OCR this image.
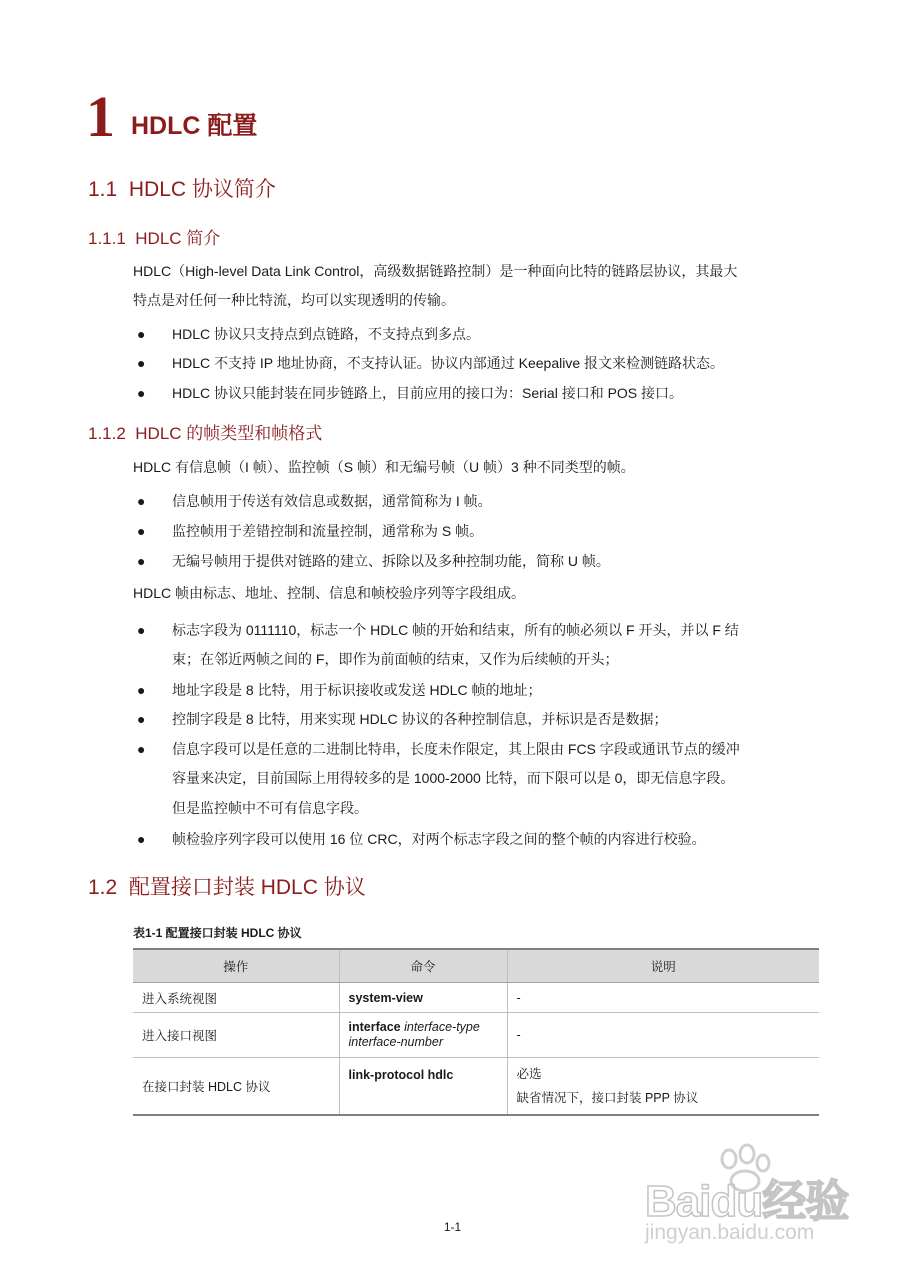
1 HDLC 配置
1.1 HDLC 协议简介
1.1.1 HDLC 简介
HDLC（High-level Data Link Control，高级数据链路控制）是一种面向比特的链路层协议，其最大
特点是对任何一种比特流，均可以实现透明的传输。
● HDLC 协议只支持点到点链路，不支持点到多点。
● HDLC 不支持 IP 地址协商，不支持认证。协议内部通过 Keepalive 报文来检测链路状态。
● HDLC 协议只能封装在同步链路上，目前应用的接口为：Serial 接口和 POS 接口。
1.1.2 HDLC 的帧类型和帧格式
HDLC 有信息帧（I 帧）、监控帧（S 帧）和无编号帧（U 帧）3 种不同类型的帧。
● 信息帧用于传送有效信息或数据，通常简称为 I 帧。
● 监控帧用于差错控制和流量控制，通常称为 S 帧。
● 无编号帧用于提供对链路的建立、拆除以及多种控制功能，简称 U 帧。
HDLC 帧由标志、地址、控制、信息和帧校验序列等字段组成。
● 标志字段为 0111110，标志一个 HDLC 帧的开始和结束，所有的帧必须以 F 开头，并以 F 结
束；在邻近两帧之间的 F，即作为前面帧的结束，又作为后续帧的开头；
● 地址字段是 8 比特，用于标识接收或发送 HDLC 帧的地址；
● 控制字段是 8 比特，用来实现 HDLC 协议的各种控制信息，并标识是否是数据；
● 信息字段可以是任意的二进制比特串，长度未作限定，其上限由 FCS 字段或通讯节点的缓冲
容量来决定，目前国际上用得较多的是 1000-2000 比特，而下限可以是 0，即无信息字段。
但是监控帧中不可有信息字段。
● 帧检验序列字段可以使用 16 位 CRC，对两个标志字段之间的整个帧的内容进行校验。
1.2 配置接口封装 HDLC 协议
表1-1 配置接口封装 HDLC 协议
操作	命令	说明
进入系统视图	system-view	-
进入接口视图	interface interface-type
interface-number	-
在接口封装 HDLC 协议	link-protocol hdlc	必选
缺省情况下，接口封装 PPP 协议
Baidu经验
jingyan.baidu.com
1-1
